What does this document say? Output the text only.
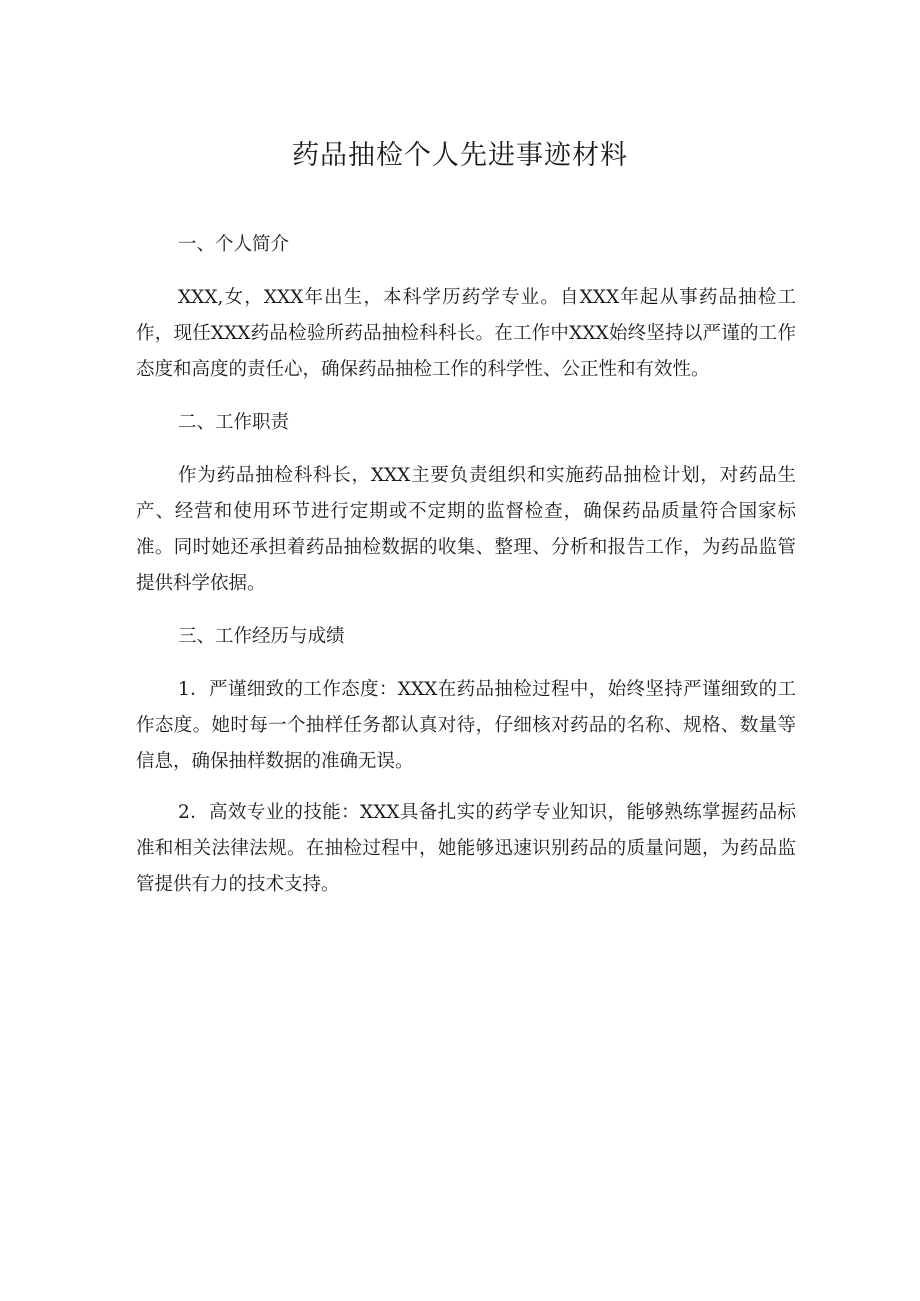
药品抽检个人先进事迹材料
一、个人简介

XXX,女，XXX年出生，本科学历药学专业。自XXX年起从事药品抽检工作，现任XXX药品检验所药品抽检科科长。在工作中XXX始终坚持以严谨的工作态度和高度的责任心，确保药品抽检工作的科学性、公正性和有效性。

二、工作职责

作为药品抽检科科长，XXX主要负责组织和实施药品抽检计划，对药品生产、经营和使用环节进行定期或不定期的监督检查，确保药品质量符合国家标准。同时她还承担着药品抽检数据的收集、整理、分析和报告工作，为药品监管提供科学依据。

三、工作经历与成绩

1．严谨细致的工作态度：XXX在药品抽检过程中，始终坚持严谨细致的工作态度。她时每一个抽样任务都认真对待，仔细核对药品的名称、规格、数量等信息，确保抽样数据的准确无误。

2．高效专业的技能：XXX具备扎实的药学专业知识，能够熟练掌握药品标准和相关法律法规。在抽检过程中，她能够迅速识别药品的质量问题，为药品监管提供有力的技术支持。
